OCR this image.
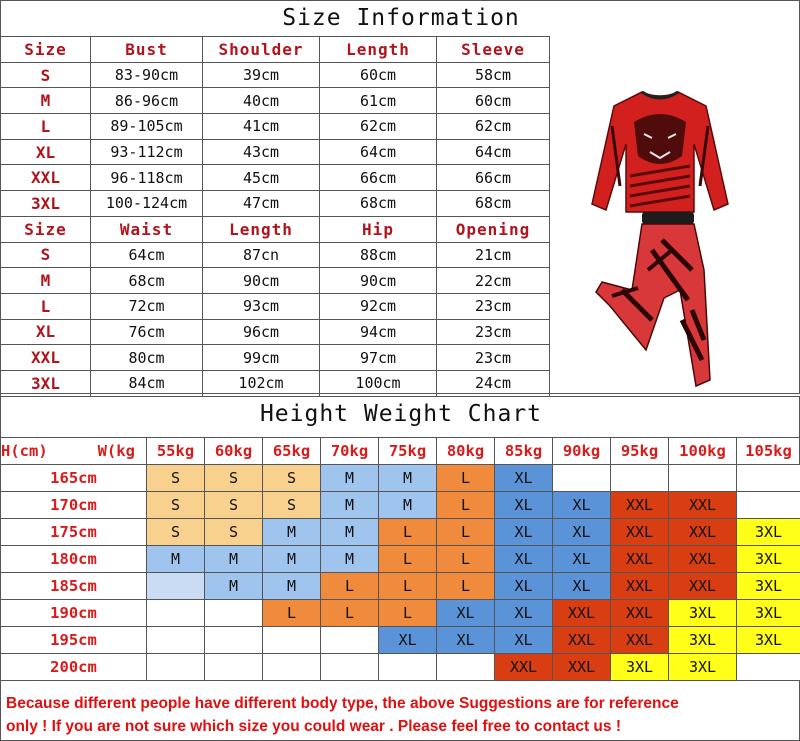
Size Information
Size	Bust	Shoulder	Length	Sleeve
S	83-90cm	39cm	60cm	58cm
M	86-96cm	40cm	61cm	60cm
L	89-105cm	41cm	62cm	62cm
XL	93-112cm	43cm	64cm	64cm
XXL	96-118cm	45cm	66cm	66cm
3XL	100-124cm	47cm	68cm	68cm
Size	Waist	Length	Hip	Opening
S	64cm	87cn	88cm	21cm
M	68cm	90cm	90cm	22cm
L	72cm	93cm	92cm	23cm
XL	76cm	96cm	94cm	23cm
XXL	80cm	99cm	97cm	23cm
3XL	84cm	102cm	100cm	24cm
Height Weight Chart
H(cm)	W(kg	55kg	60kg	65kg	70kg	75kg	80kg	85kg	90kg	95kg	100kg	105kg
165cm		S	S	S	M	M	L	XL				
170cm		S	S	S	M	M	L	XL	XL	XXL	XXL	
175cm		S	S	M	M	L	L	XL	XL	XXL	XXL	3XL
180cm		M	M	M	M	L	L	XL	XL	XXL	XXL	3XL
185cm			M	M	L	L	L	XL	XL	XXL	XXL	3XL
190cm				L	L	L	XL	XL	XXL	XXL	3XL	3XL
195cm						XL	XL	XL	XXL	XXL	3XL	3XL
200cm								XXL	XXL	3XL	3XL	
Because different people have different body type, the above Suggestions are for reference
only ! If you are not sure which size you could wear . Please feel free to contact us !
